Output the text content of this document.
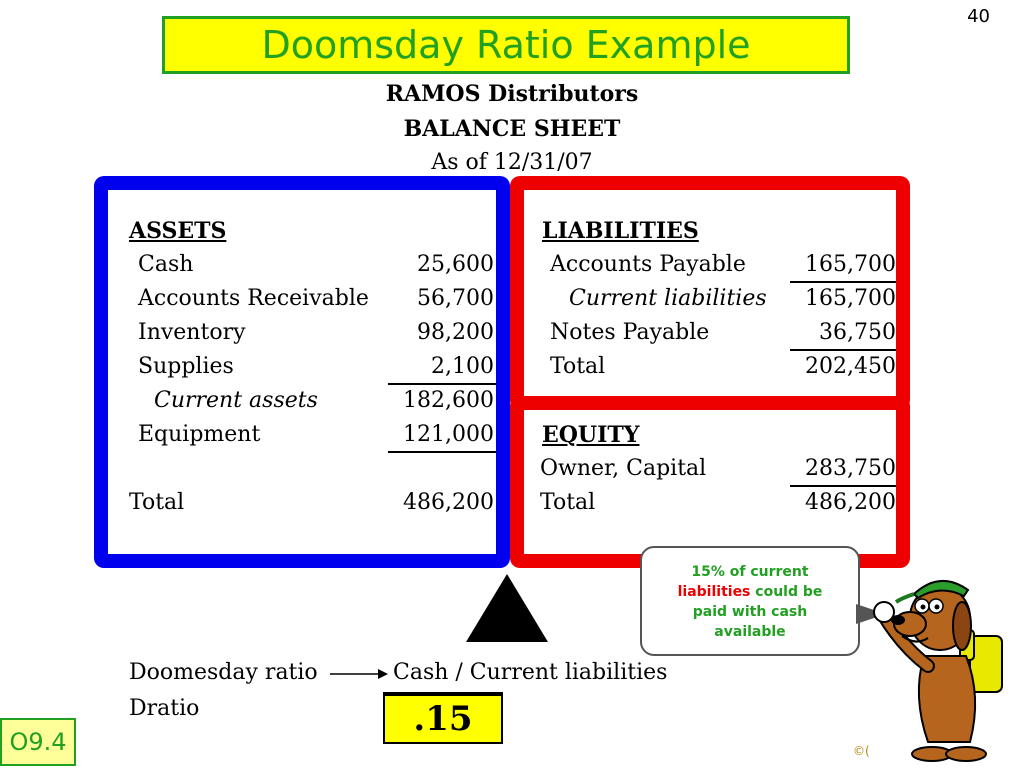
40
Doomsday Ratio Example
RAMOS Distributors
BALANCE SHEET
As of 12/31/07
ASSETS
Cash	25,600
Accounts Receivable	56,700
Inventory	98,200
Supplies	2,100
Current assets	182,600
Equipment	121,000
Total	486,200
LIABILITIES
Accounts Payable	165,700
Current liabilities	165,700
Notes Payable	36,750
Total	202,450
EQUITY
Owner, Capital	283,750
Total	486,200
15% of current
liabilities could be
paid with cash
available
Doomesday ratio	Cash / Current liabilities
Dratio	.15
O9.4	©(
